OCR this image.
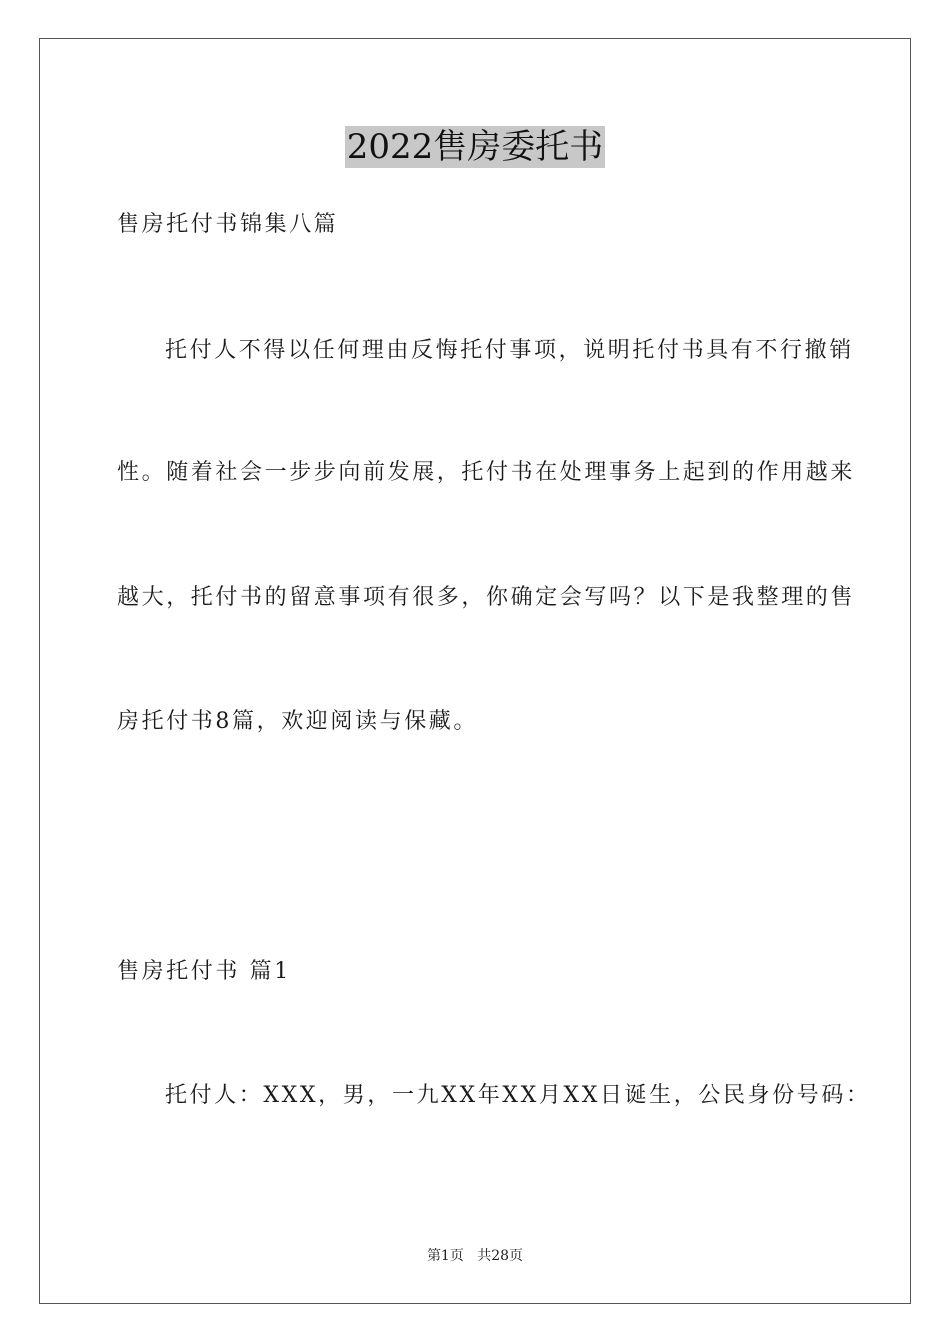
2022售房委托书
售房托付书锦集八篇
托付人不得以任何理由反悔托付事项，说明托付书具有不行撤销
性。随着社会一步步向前发展，托付书在处理事务上起到的作用越来
越大，托付书的留意事项有很多，你确定会写吗？以下是我整理的售
房托付书8篇，欢迎阅读与保藏。
售房托付书 篇1
托付人：XXX，男，一九XX年XX月XX日诞生，公民身份号码：
第1页 共28页
